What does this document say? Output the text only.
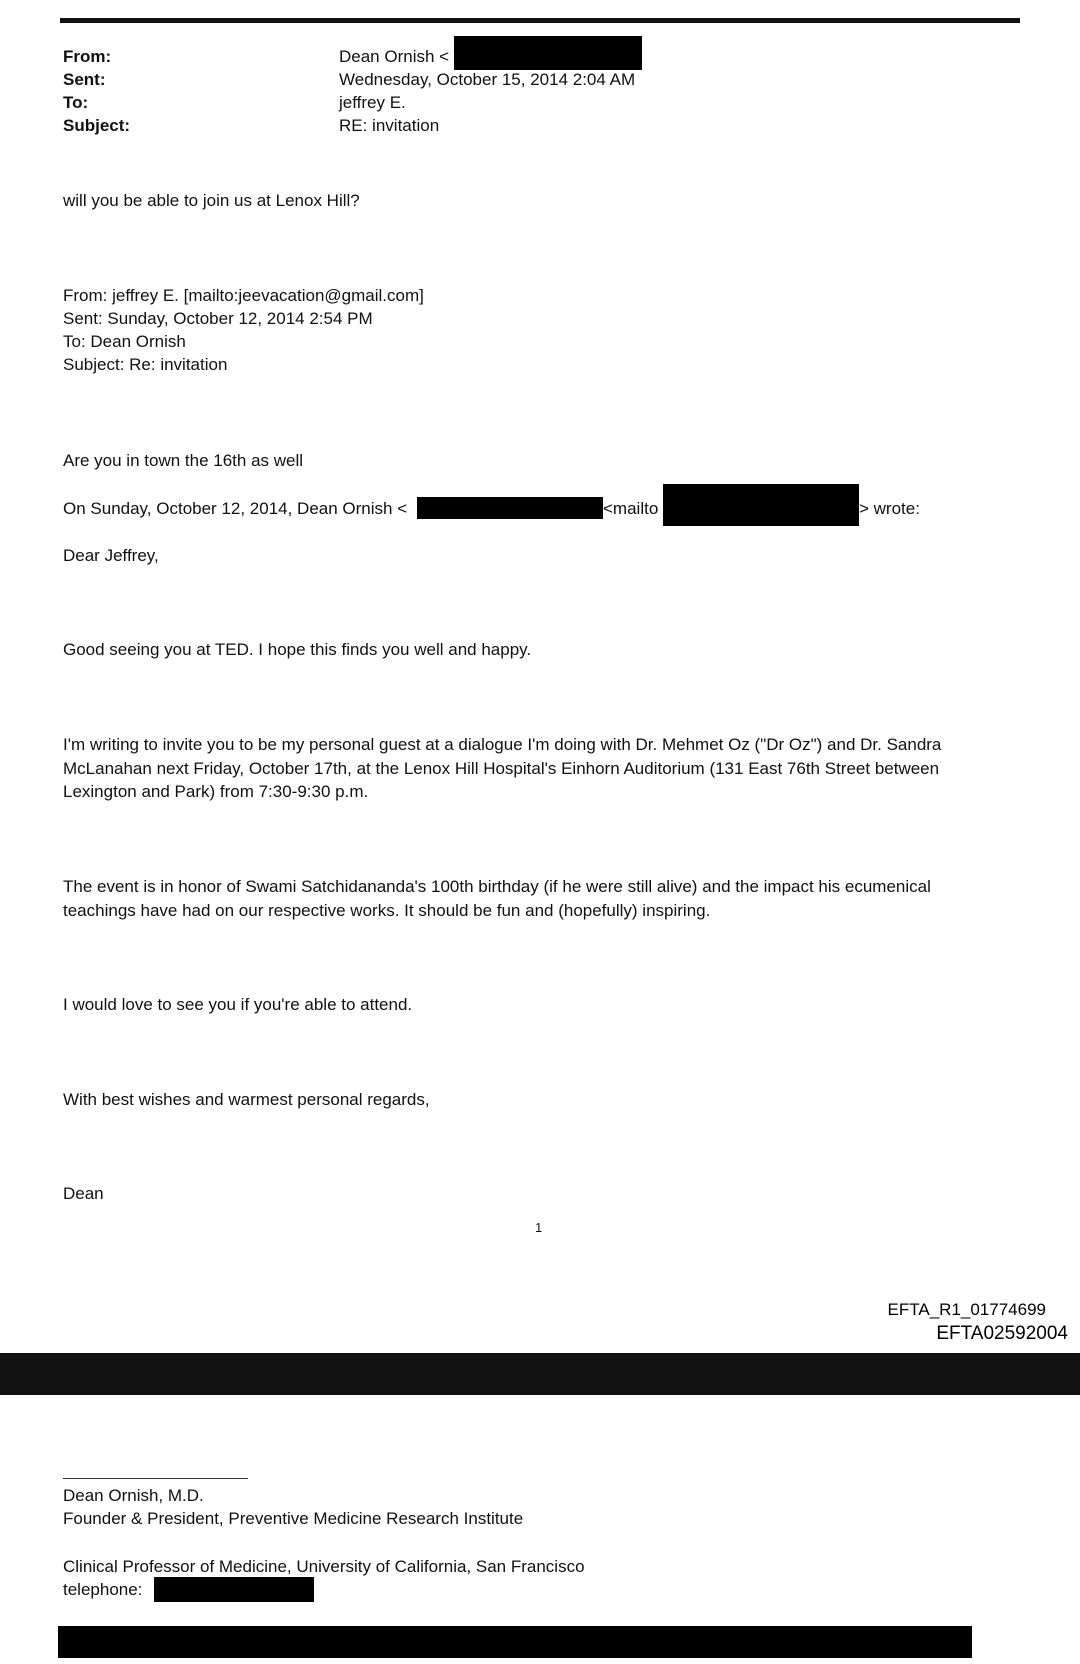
From:
Sent:
To:
Subject:
Dean Ornish <
Wednesday, October 15, 2014 2:04 AM
jeffrey E.
RE: invitation
will you be able to join us at Lenox Hill?
From: jeffrey E. [mailto:jeevacation@gmail.com]
Sent: Sunday, October 12, 2014 2:54 PM
To: Dean Ornish
Subject: Re: invitation
Are you in town the 16th as well
On Sunday, October 12, 2014, Dean Ornish <	<mailto	> wrote:
Dear Jeffrey,
Good seeing you at TED. I hope this finds you well and happy.
I'm writing to invite you to be my personal guest at a dialogue I'm doing with Dr. Mehmet Oz ("Dr Oz") and Dr. Sandra McLanahan next Friday, October 17th, at the Lenox Hill Hospital's Einhorn Auditorium (131 East 76th Street between Lexington and Park) from 7:30-9:30 p.m.
The event is in honor of Swami Satchidananda's 100th birthday (if he were still alive) and the impact his ecumenical teachings have had on our respective works. It should be fun and (hopefully) inspiring.
I would love to see you if you're able to attend.
With best wishes and warmest personal regards,
Dean
1
EFTA_R1_01774699
EFTA02592004
Dean Ornish, M.D.
Founder & President, Preventive Medicine Research Institute
Clinical Professor of Medicine, University of California, San Francisco
telephone:
